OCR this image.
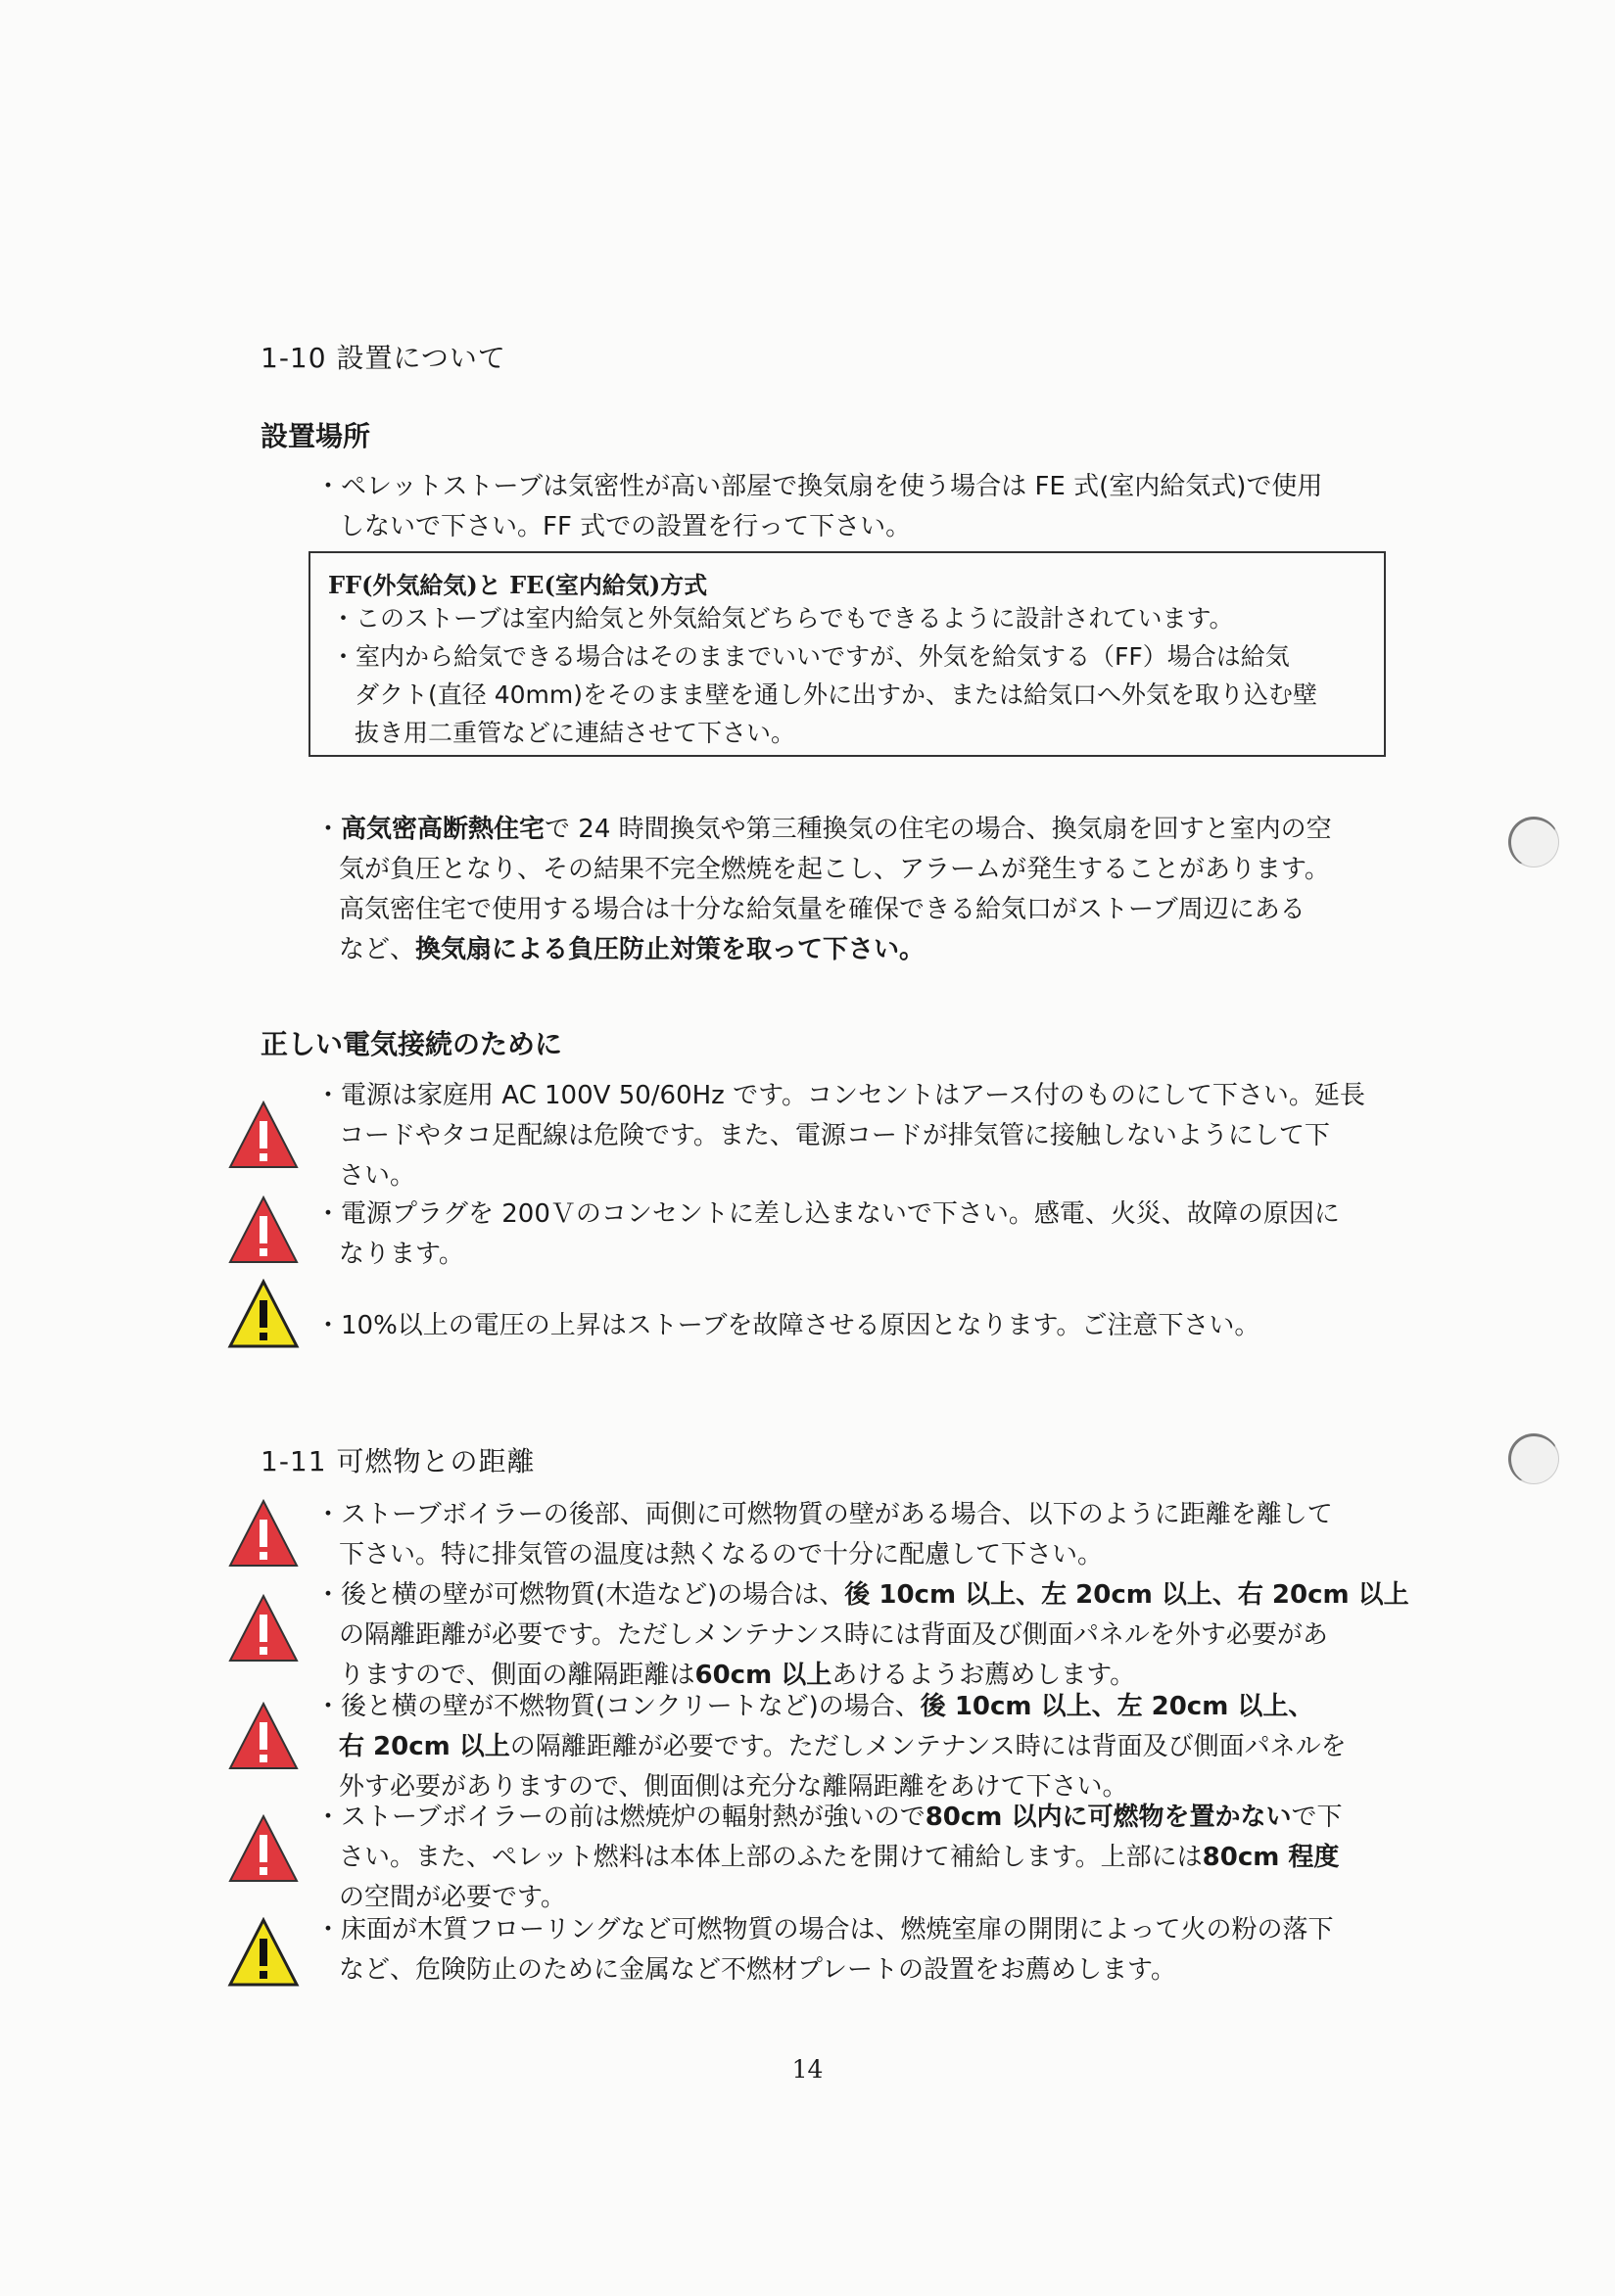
1-10 設置について
設置場所
・ペレットストーブは気密性が高い部屋で換気扇を使う場合は FE 式(室内給気式)で使用
しないで下さい。FF 式での設置を行って下さい。
FF(外気給気)と FE(室内給気)方式
・このストーブは室内給気と外気給気どちらでもできるように設計されています。
・室内から給気できる場合はそのままでいいですが、外気を給気する（FF）場合は給気
ダクト(直径 40mm)をそのまま壁を通し外に出すか、または給気口へ外気を取り込む壁
抜き用二重管などに連結させて下さい。
・高気密高断熱住宅で 24 時間換気や第三種換気の住宅の場合、換気扇を回すと室内の空
気が負圧となり、その結果不完全燃焼を起こし、アラームが発生することがあります。
高気密住宅で使用する場合は十分な給気量を確保できる給気口がストーブ周辺にある
など、換気扇による負圧防止対策を取って下さい。
正しい電気接続のために
・電源は家庭用 AC 100V 50/60Hz です。コンセントはアース付のものにして下さい。延長
コードやタコ足配線は危険です。また、電源コードが排気管に接触しないようにして下
さい。
・電源プラグを 200Ｖのコンセントに差し込まないで下さい。感電、火災、故障の原因に
なります。
・10%以上の電圧の上昇はストーブを故障させる原因となります。ご注意下さい。
1-11 可燃物との距離
・ストーブボイラーの後部、両側に可燃物質の壁がある場合、以下のように距離を離して
下さい。特に排気管の温度は熱くなるので十分に配慮して下さい。
・後と横の壁が可燃物質(木造など)の場合は、後 10cm 以上、左 20cm 以上、右 20cm 以上
の隔離距離が必要です。ただしメンテナンス時には背面及び側面パネルを外す必要があ
りますので、側面の離隔距離は60cm 以上あけるようお薦めします。
・後と横の壁が不燃物質(コンクリートなど)の場合、後 10cm 以上、左 20cm 以上、
右 20cm 以上の隔離距離が必要です。ただしメンテナンス時には背面及び側面パネルを
外す必要がありますので、側面側は充分な離隔距離をあけて下さい。
・ストーブボイラーの前は燃焼炉の輻射熱が強いので80cm 以内に可燃物を置かないで下
さい。また、ペレット燃料は本体上部のふたを開けて補給します。上部には80cm 程度
の空間が必要です。
・床面が木質フローリングなど可燃物質の場合は、燃焼室扉の開閉によって火の粉の落下
など、危険防止のために金属など不燃材プレートの設置をお薦めします。
14
